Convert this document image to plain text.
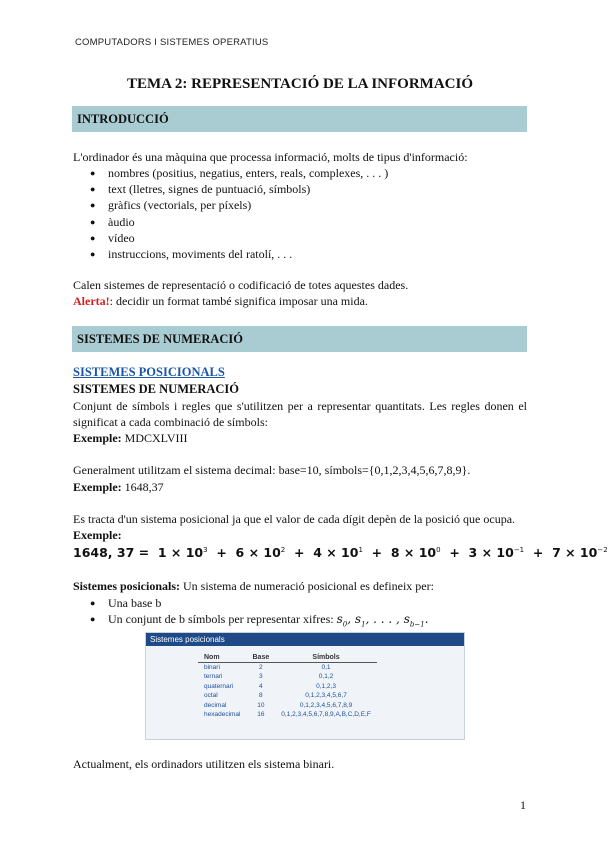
COMPUTADORS I SISTEMES OPERATIUS
TEMA 2: REPRESENTACIÓ DE LA INFORMACIÓ
INTRODUCCIÓ
L'ordinador és una màquina que processa informació, molts de tipus d'informació:
● nombres (positius, negatius, enters, reals, complexes, . . . )
● text (lletres, signes de puntuació, símbols)
● gràfics (vectorials, per píxels)
● àudio
● vídeo
● instruccions, moviments del ratolí, . . .
Calen sistemes de representació o codificació de totes aquestes dades.
Alerta!: decidir un format també significa imposar una mida.
SISTEMES DE NUMERACIÓ
SISTEMES POSICIONALS
SISTEMES DE NUMERACIÓ
Conjunt de símbols i regles que s'utilitzen per a representar quantitats. Les regles donen el significat a cada combinació de símbols:
Exemple: MDCXLVIII
Generalment utilitzam el sistema decimal: base=10, símbols={0,1,2,3,4,5,6,7,8,9}.
Exemple: 1648,37
Es tracta d'un sistema posicional ja que el valor de cada dígit depèn de la posició que ocupa.
Exemple:
1648, $37 = 1 \times 10^3 + 6 \times 10^2 + 4 \times 10^1 + 8 \times 10^0 + 3 \times 10^{-1} + 7 \times 10^{-2}$
Sistemes posicionals: Un sistema de numeració posicional es defineix per:
● Una base b
● Un conjunt de b símbols per representar xifres: $s_0$, $s_1$, . . . , $s_{b-1}$.
Sistemes posicionals
Nom	Base	Símbols
binari	2	0,1
ternari	3	0,1,2
quaternari	4	0,1,2,3
octal	8	0,1,2,3,4,5,6,7
decimal	10	0,1,2,3,4,5,6,7,8,9
hexadecimal	16	0,1,2,3,4,5,6,7,8,9,A,B,C,D,E,F
Actualment, els ordinadors utilitzen els sistema binari.
1
